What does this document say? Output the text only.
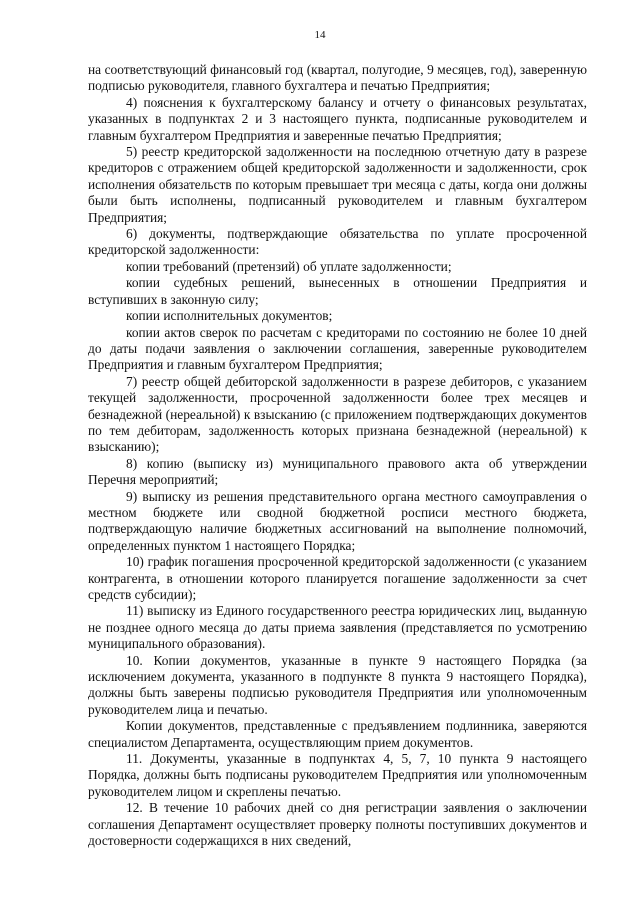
14

на соответствующий финансовый год (квартал, полугодие, 9 месяцев, год), заверенную подписью руководителя, главного бухгалтера и печатью Предприятия;

4) пояснения к бухгалтерскому балансу и отчету о финансовых результатах, указанных в подпунктах 2 и 3 настоящего пункта, подписанные руководителем и главным бухгалтером Предприятия и заверенные печатью Предприятия;

5) реестр кредиторской задолженности на последнюю отчетную дату в разрезе кредиторов с отражением общей кредиторской задолженности и задолженности, срок исполнения обязательств по которым превышает три месяца с даты, когда они должны были быть исполнены, подписанный руководителем и главным бухгалтером Предприятия;

6) документы, подтверждающие обязательства по уплате просроченной кредиторской задолженности:

копии требований (претензий) об уплате задолженности;

копии судебных решений, вынесенных в отношении Предприятия и вступивших в законную силу;

копии исполнительных документов;

копии актов сверок по расчетам с кредиторами по состоянию не более 10 дней до даты подачи заявления о заключении соглашения, заверенные руководителем Предприятия и главным бухгалтером Предприятия;

7) реестр общей дебиторской задолженности в разрезе дебиторов, с указанием текущей задолженности, просроченной задолженности более трех месяцев и безнадежной (нереальной) к взысканию (с приложением подтверждающих документов по тем дебиторам, задолженность которых признана безнадежной (нереальной) к взысканию);

8) копию (выписку из) муниципального правового акта об утверждении Перечня мероприятий;

9) выписку из решения представительного органа местного самоуправления о местном бюджете или сводной бюджетной росписи местного бюджета, подтверждающую наличие бюджетных ассигнований на выполнение полномочий, определенных пунктом 1 настоящего Порядка;

10) график погашения просроченной кредиторской задолженности (с указанием контрагента, в отношении которого планируется погашение задолженности за счет средств субсидии);

11) выписку из Единого государственного реестра юридических лиц, выданную не позднее одного месяца до даты приема заявления (представляется по усмотрению муниципального образования).

10. Копии документов, указанные в пункте 9 настоящего Порядка (за исключением документа, указанного в подпункте 8 пункта 9 настоящего Порядка), должны быть заверены подписью руководителя Предприятия или уполномоченным руководителем лица и печатью.

Копии документов, представленные с предъявлением подлинника, заверяются специалистом Департамента, осуществляющим прием документов.

11. Документы, указанные в подпунктах 4, 5, 7, 10 пункта 9 настоящего Порядка, должны быть подписаны руководителем Предприятия или уполномоченным руководителем лицом и скреплены печатью.

12. В течение 10 рабочих дней со дня регистрации заявления о заключении соглашения Департамент осуществляет проверку полноты поступивших документов и достоверности содержащихся в них сведений,
